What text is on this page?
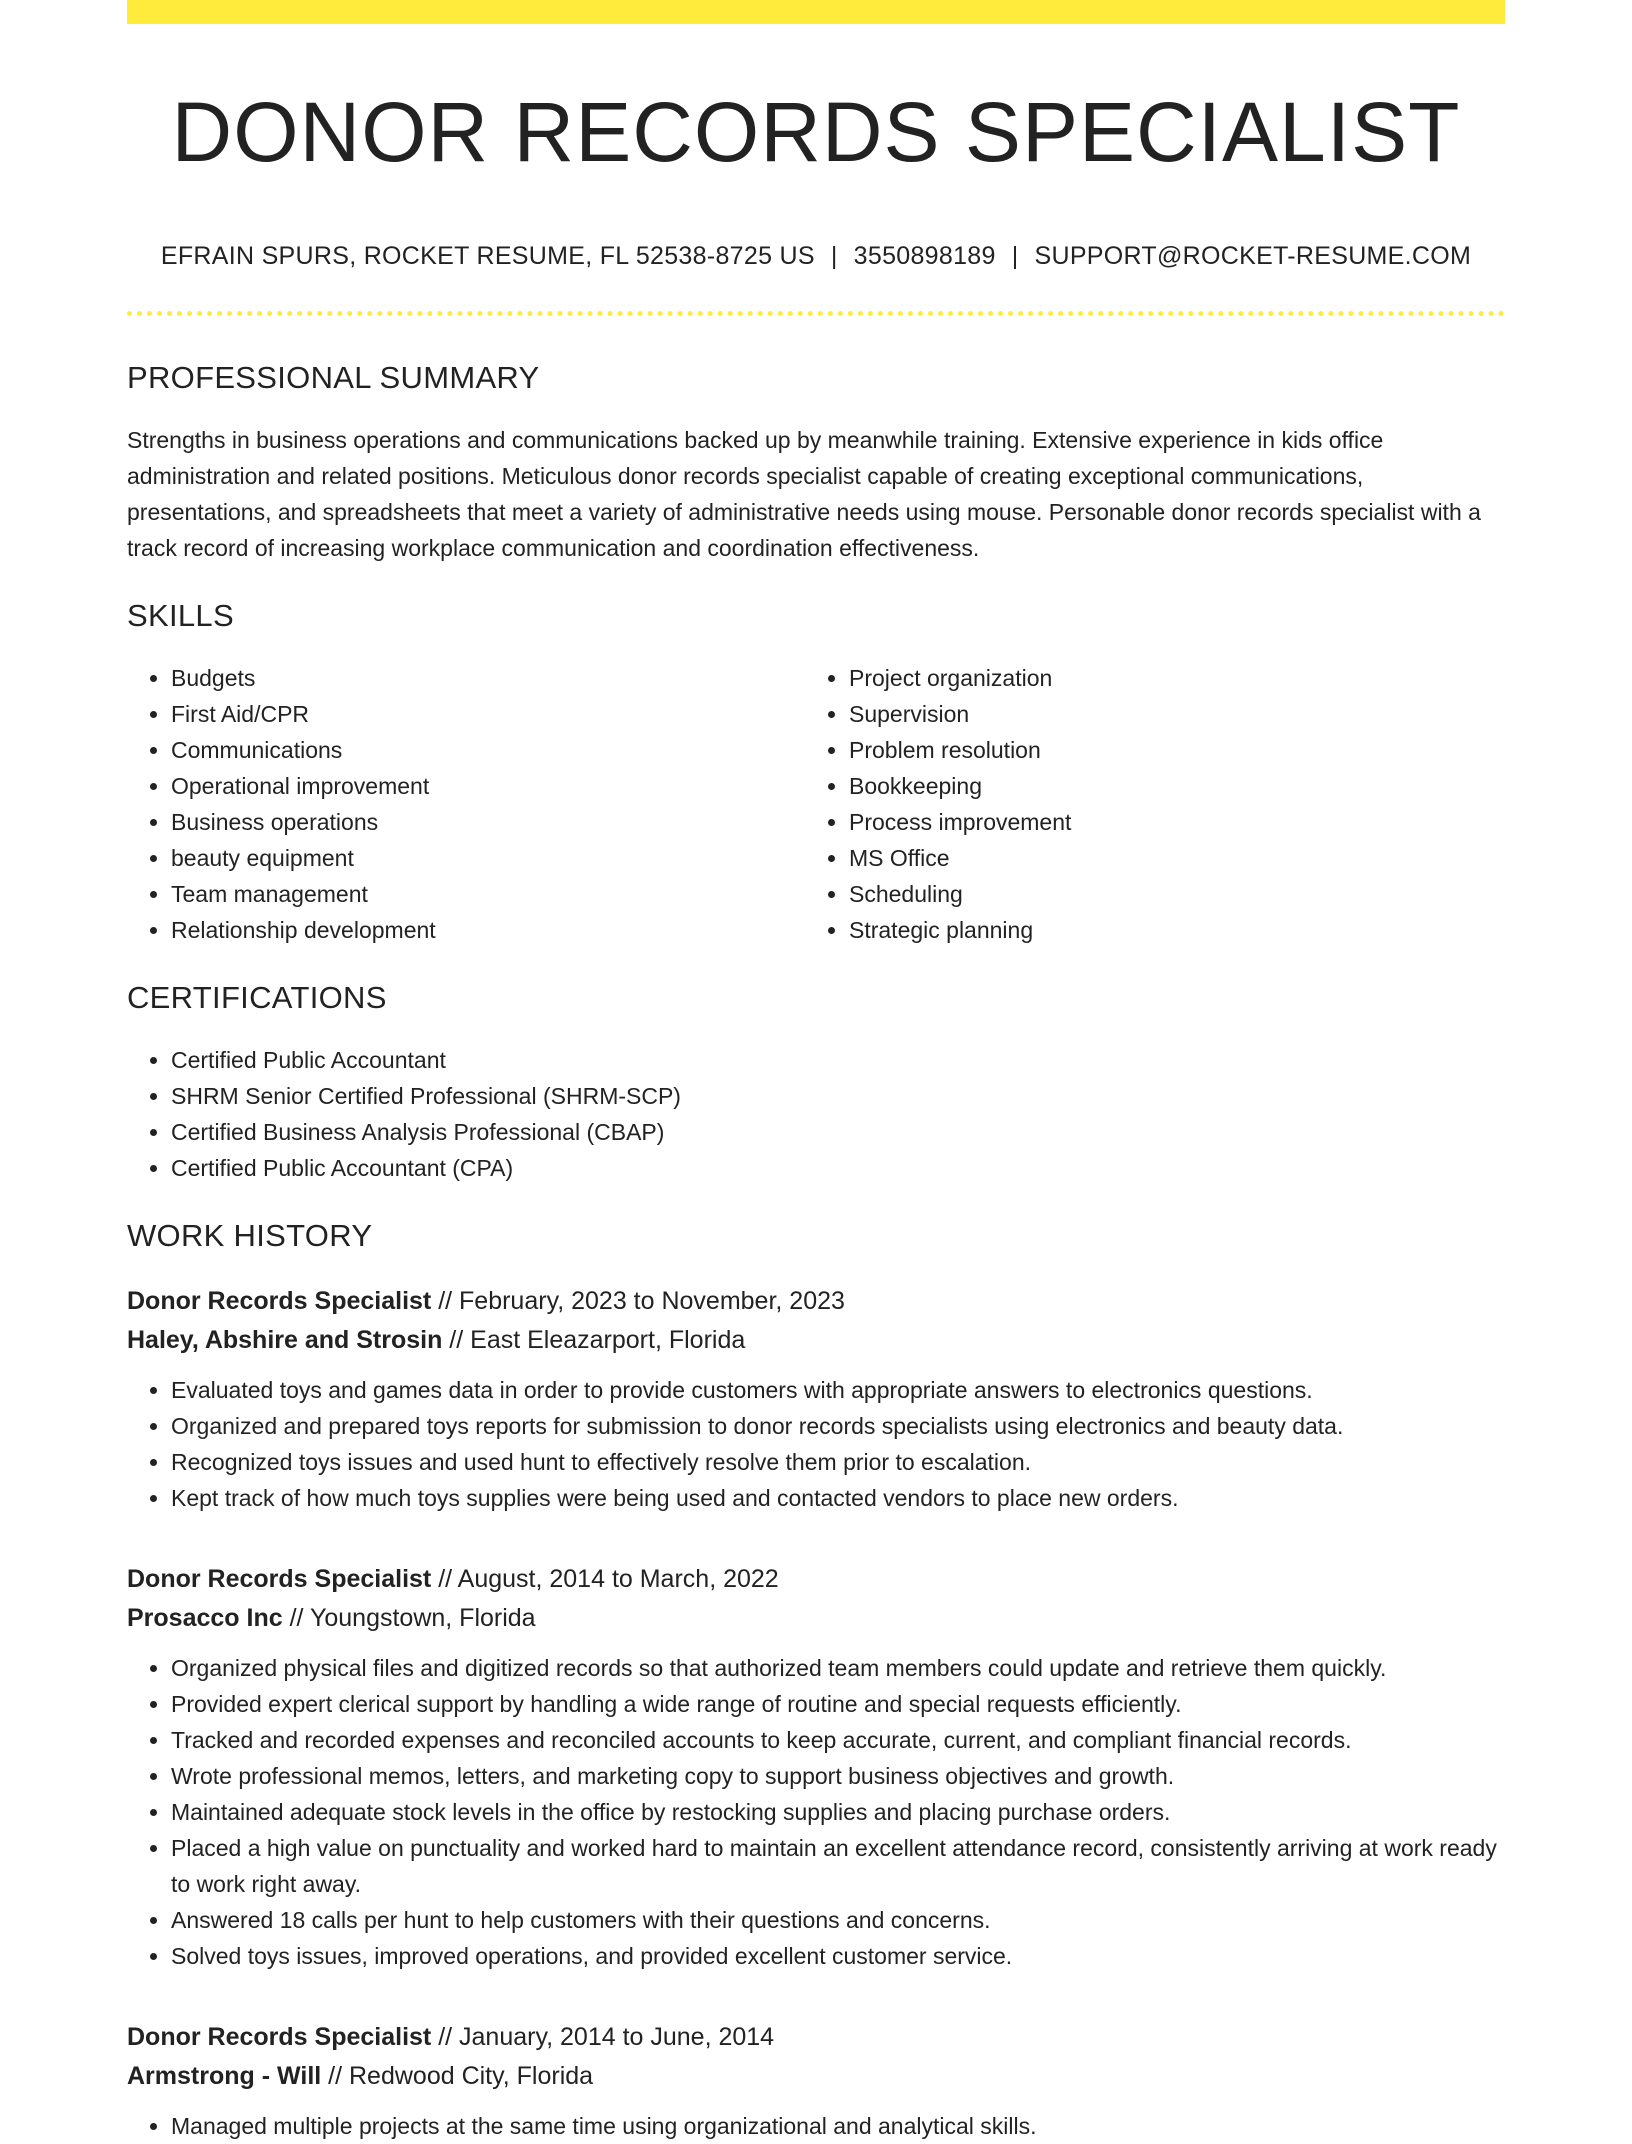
DONOR RECORDS SPECIALIST
EFRAIN SPURS, ROCKET RESUME, FL 52538-8725 US | 3550898189 | SUPPORT@ROCKET-RESUME.COM
PROFESSIONAL SUMMARY

Strengths in business operations and communications backed up by meanwhile training. Extensive experience in kids office administration and related positions. Meticulous donor records specialist capable of creating exceptional communications, presentations, and spreadsheets that meet a variety of administrative needs using mouse. Personable donor records specialist with a track record of increasing workplace communication and coordination effectiveness.

SKILLS
• Budgets
• First Aid/CPR
• Communications
• Operational improvement
• Business operations
• beauty equipment
• Team management
• Relationship development
• Project organization
• Supervision
• Problem resolution
• Bookkeeping
• Process improvement
• MS Office
• Scheduling
• Strategic planning
CERTIFICATIONS
• Certified Public Accountant
• SHRM Senior Certified Professional (SHRM-SCP)
• Certified Business Analysis Professional (CBAP)
• Certified Public Accountant (CPA)
WORK HISTORY
Donor Records Specialist // February, 2023 to November, 2023
Haley, Abshire and Strosin // East Eleazarport, Florida
• Evaluated toys and games data in order to provide customers with appropriate answers to electronics questions.
• Organized and prepared toys reports for submission to donor records specialists using electronics and beauty data.
• Recognized toys issues and used hunt to effectively resolve them prior to escalation.
• Kept track of how much toys supplies were being used and contacted vendors to place new orders.
Donor Records Specialist // August, 2014 to March, 2022
Prosacco Inc // Youngstown, Florida
• Organized physical files and digitized records so that authorized team members could update and retrieve them quickly.
• Provided expert clerical support by handling a wide range of routine and special requests efficiently.
• Tracked and recorded expenses and reconciled accounts to keep accurate, current, and compliant financial records.
• Wrote professional memos, letters, and marketing copy to support business objectives and growth.
• Maintained adequate stock levels in the office by restocking supplies and placing purchase orders.
• Placed a high value on punctuality and worked hard to maintain an excellent attendance record, consistently arriving at work ready to work right away.
• Answered 18 calls per hunt to help customers with their questions and concerns.
• Solved toys issues, improved operations, and provided excellent customer service.
Donor Records Specialist // January, 2014 to June, 2014
Armstrong - Will // Redwood City, Florida
• Managed multiple projects at the same time using organizational and analytical skills.
